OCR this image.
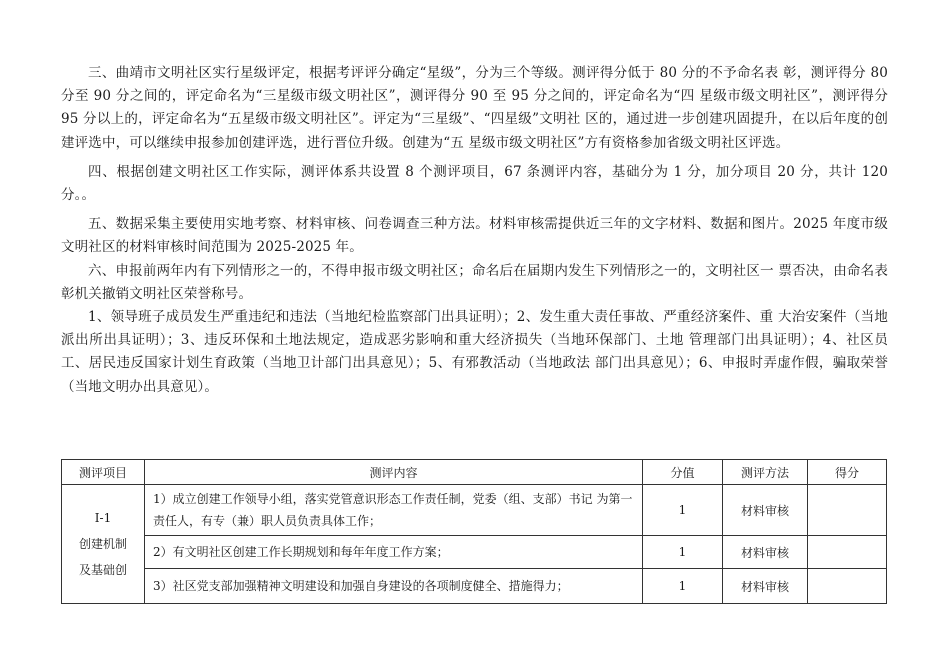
三、曲靖市文明社区实行星级评定，根据考评评分确定“星级”，分为三个等级。测评得分低于 80 分的不予命名表 彰，测评得分 80 分至 90 分之间的，评定命名为“三星级市级文明社区”，测评得分 90 至 95 分之间的，评定命名为“四 星级市级文明社区”，测评得分 95 分以上的，评定命名为“五星级市级文明社区”。评定为“三星级”、“四星级”文明社 区的，通过进一步创建巩固提升，在以后年度的创建评选中，可以继续申报参加创建评选，进行晋位升级。创建为“五 星级市级文明社区”方有资格参加省级文明社区评选。

四、根据创建文明社区工作实际，测评体系共设置 8 个测评项目，67 条测评内容，基础分为 1 分，加分项目 20 分，共计 120 分。。

五、数据采集主要使用实地考察、材料审核、问卷调查三种方法。材料审核需提供近三年的文字材料、数据和图片。2025 年度市级文明社区的材料审核时间范围为 2025-2025 年。

六、申报前两年内有下列情形之一的，不得申报市级文明社区；命名后在届期内发生下列情形之一的，文明社区一 票否决，由命名表彰机关撤销文明社区荣誉称号。

1、领导班子成员发生严重违纪和违法（当地纪检监察部门出具证明）；2、发生重大责任事故、严重经济案件、重 大治安案件（当地派出所出具证明）；3、违反环保和土地法规定，造成恶劣影响和重大经济损失（当地环保部门、土地 管理部门出具证明）；4、社区员工、居民违反国家计划生育政策（当地卫计部门出具意见）；5、有邪教活动（当地政法 部门出具意见）；6、申报时弄虚作假，骗取荣誉（当地文明办出具意见）。

测评项目	测评内容	分值	测评方法	得分

Ⅰ-1
创建机制
及基础创	1）成立创建工作领导小组，落实党管意识形态工作责任制，党委（组、支部）书记 为第一责任人，有专（兼）职人员负责具体工作；	1	材料审核	
	2）有文明社区创建工作长期规划和每年年度工作方案；	1	材料审核	
	3）社区党支部加强精神文明建设和加强自身建设的各项制度健全、措施得力；	1	材料审核	
